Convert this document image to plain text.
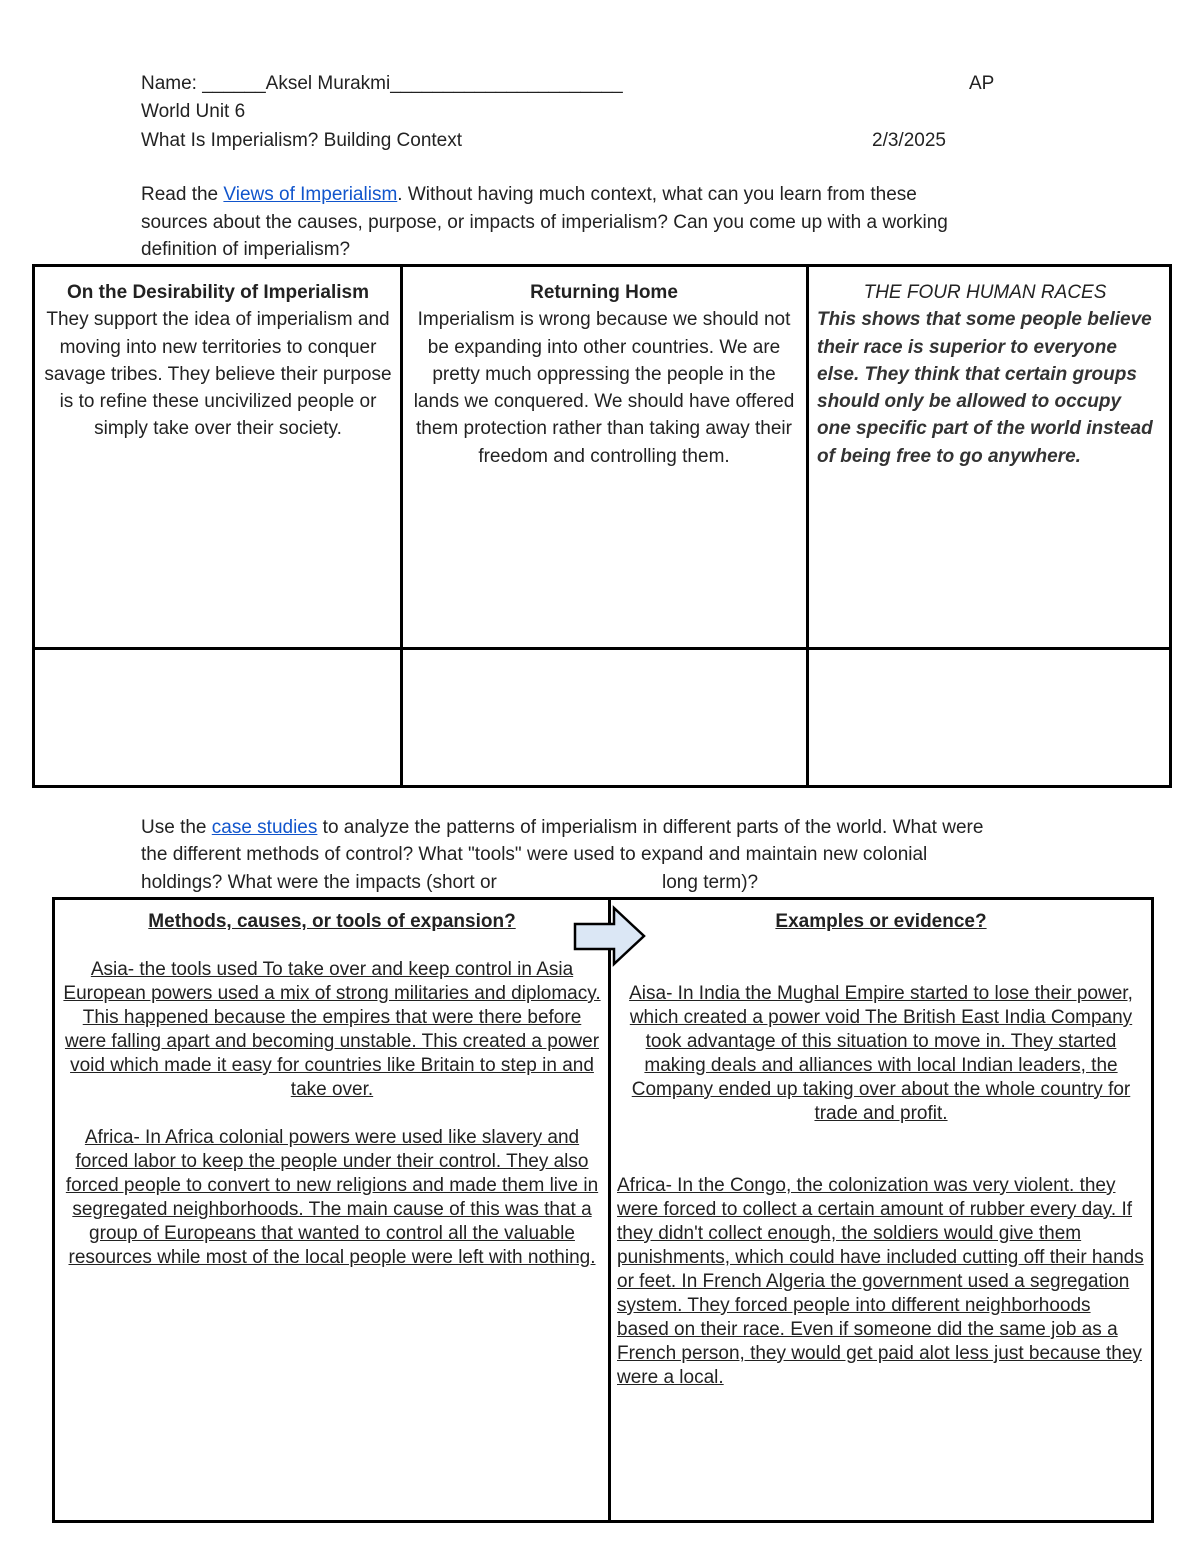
Name: ______Aksel Murakmi______________________	AP
World Unit 6
What Is Imperialism? Building Context	2/3/2025
Read the Views of Imperialism. Without having much context, what can you learn from these
sources about the causes, purpose, or impacts of imperialism? Can you come up with a working
definition of imperialism?
On the Desirability of Imperialism
They support the idea of imperialism and moving into new territories to conquer savage tribes. They believe their purpose is to refine these uncivilized people or simply take over their society.
Returning Home
Imperialism is wrong because we should not be expanding into other countries. We are pretty much oppressing the people in the lands we conquered. We should have offered them protection rather than taking away their freedom and controlling them.
THE FOUR HUMAN RACES
This shows that some people believe their race is superior to everyone else. They think that certain groups should only be allowed to occupy one specific part of the world instead of being free to go anywhere.
Use the case studies to analyze the patterns of imperialism in different parts of the world. What were
the different methods of control? What "tools" were used to expand and maintain new colonial
holdings? What were the impacts (short or	long term)?
Methods, causes, or tools of expansion?

Asia- the tools used To take over and keep control in Asia European powers used a mix of strong militaries and diplomacy. This happened because the empires that were there before were falling apart and becoming unstable. This created a power void which made it easy for countries like Britain to step in and take over.

Africa- In Africa colonial powers were used like slavery and forced labor to keep the people under their control. They also forced people to convert to new religions and made them live in segregated neighborhoods. The main cause of this was that a group of Europeans that wanted to control all the valuable resources while most of the local people were left with nothing.

Examples or evidence?

Aisa- In India the Mughal Empire started to lose their power, which created a power void The British East India Company took advantage of this situation to move in. They started making deals and alliances with local Indian leaders, the Company ended up taking over about the whole country for trade and profit.

Africa- In the Congo, the colonization was very violent. they were forced to collect a certain amount of rubber every day. If they didn't collect enough, the soldiers would give them punishments, which could have included cutting off their hands or feet. In French Algeria the government used a segregation system. They forced people into different neighborhoods based on their race. Even if someone did the same job as a French person, they would get paid alot less just because they were a local.
